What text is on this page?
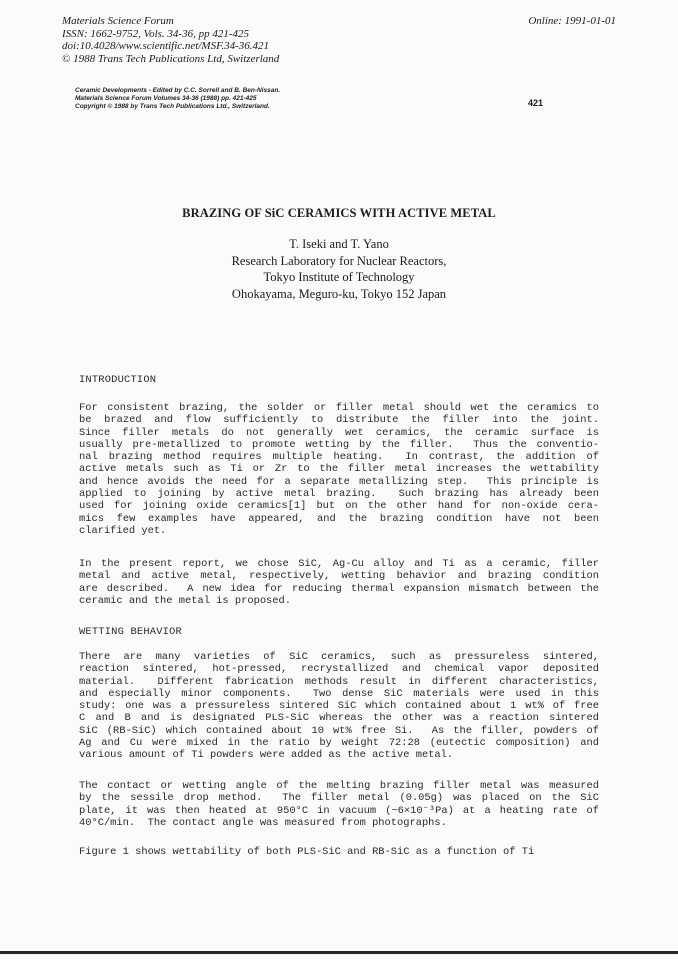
Materials Science Forum
ISSN: 1662-9752, Vols. 34-36, pp 421-425
doi:10.4028/www.scientific.net/MSF.34-36.421
© 1988 Trans Tech Publications Ltd, Switzerland
Online: 1991-01-01
Ceramic Developments - Edited by C.C. Sorrell and B. Ben-Nissan.
Materials Science Forum Volumes 34-36 (1988) pp. 421-425
Copyright © 1988 by Trans Tech Publications Ltd., Switzerland.	421
BRAZING OF SiC CERAMICS WITH ACTIVE METAL
T. Iseki and T. Yano
Research Laboratory for Nuclear Reactors,
Tokyo Institute of Technology
Ohokayama, Meguro-ku, Tokyo 152 Japan
INTRODUCTION
For consistent brazing, the solder or filler metal should wet the ceramics to
be brazed and flow sufficiently to distribute the filler into the joint.
Since filler metals do not generally wet ceramics, the ceramic surface is
usually pre-metallized to promote wetting by the filler.  Thus the conventio-
nal brazing method requires multiple heating.  In contrast, the addition of
active metals such as Ti or Zr to the filler metal increases the wettability
and hence avoids the need for a separate metallizing step.  This principle is
applied to joining by active metal brazing.  Such brazing has already been
used for joining oxide ceramics[1] but on the other hand for non-oxide cera-
mics few examples have appeared, and the brazing condition have not been
clarified yet.
In the present report, we chose SiC, Ag-Cu alloy and Ti as a ceramic, filler
metal and active metal, respectively, wetting behavior and brazing condition
are described.  A new idea for reducing thermal expansion mismatch between the
ceramic and the metal is proposed.
WETTING BEHAVIOR
There are many varieties of SiC ceramics, such as pressureless sintered,
reaction sintered, hot-pressed, recrystallized and chemical vapor deposited
material.  Different fabrication methods result in different characteristics,
and especially minor components.  Two dense SiC materials were used in this
study: one was a pressureless sintered SiC which contained about 1 wt% of free
C and B and is designated PLS-SiC whereas the other was a reaction sintered
SiC (RB-SiC) which contained about 10 wt% free Si.  As the filler, powders of
Ag and Cu were mixed in the ratio by weight 72:28 (eutectic composition) and
various amount of Ti powders were added as the active metal.
The contact or wetting angle of the melting brazing filler metal was measured
by the sessile drop method.  The filler metal (0.05g) was placed on the SiC
plate, it was then heated at 950°C in vacuum (~6×10⁻³Pa) at a heating rate of
40°C/min.  The contact angle was measured from photographs.
Figure 1 shows wettability of both PLS-SiC and RB-SiC as a function of Ti
